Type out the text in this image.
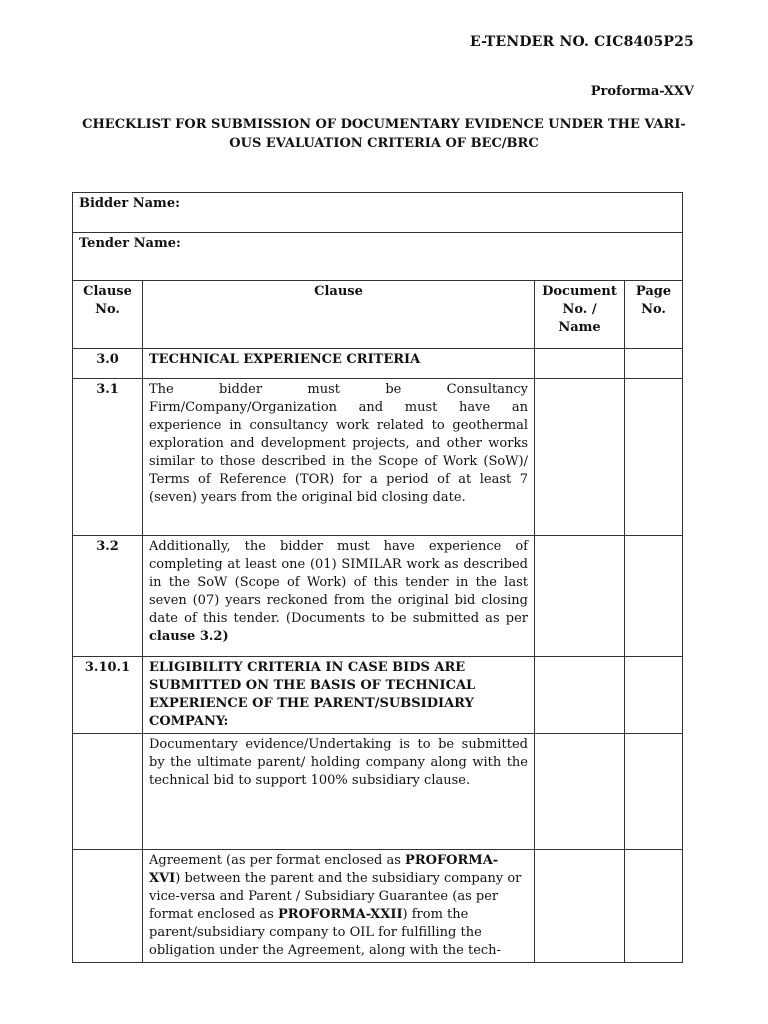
E-TENDER NO. CIC8405P25
Proforma-XXV
CHECKLIST FOR SUBMISSION OF DOCUMENTARY EVIDENCE UNDER THE VARI-OUS EVALUATION CRITERIA OF BEC/BRC
Bidder Name:			
Tender Name:			
Clause No.	Clause	Document No. / Name	Page No.
3.0	TECHNICAL EXPERIENCE CRITERIA		
3.1	The bidder must be Consultancy Firm/Company/Organization and must have an experience in consultancy work related to geothermal exploration and development projects, and other works similar to those described in the Scope of Work (SoW)/ Terms of Reference (TOR) for a period of at least 7 (seven) years from the original bid closing date.		
3.2	Additionally, the bidder must have experience of completing at least one (01) SIMILAR work as described in the SoW (Scope of Work) of this tender in the last seven (07) years reckoned from the original bid closing date of this tender. (Documents to be submitted as per clause 3.2)		
3.10.1	ELIGIBILITY CRITERIA IN CASE BIDS ARE SUBMITTED ON THE BASIS OF TECHNICAL EXPERIENCE OF THE PARENT/SUBSIDIARY COMPANY:		
	Documentary evidence/Undertaking is to be submitted by the ultimate parent/ holding company along with the technical bid to support 100% subsidiary clause.		
	Agreement (as per format enclosed as PROFORMA-XVI) between the parent and the subsidiary company or vice-versa and Parent / Subsidiary Guarantee (as per format enclosed as PROFORMA-XXII) from the parent/subsidiary company to OIL for fulfilling the obligation under the Agreement, along with the tech-		
